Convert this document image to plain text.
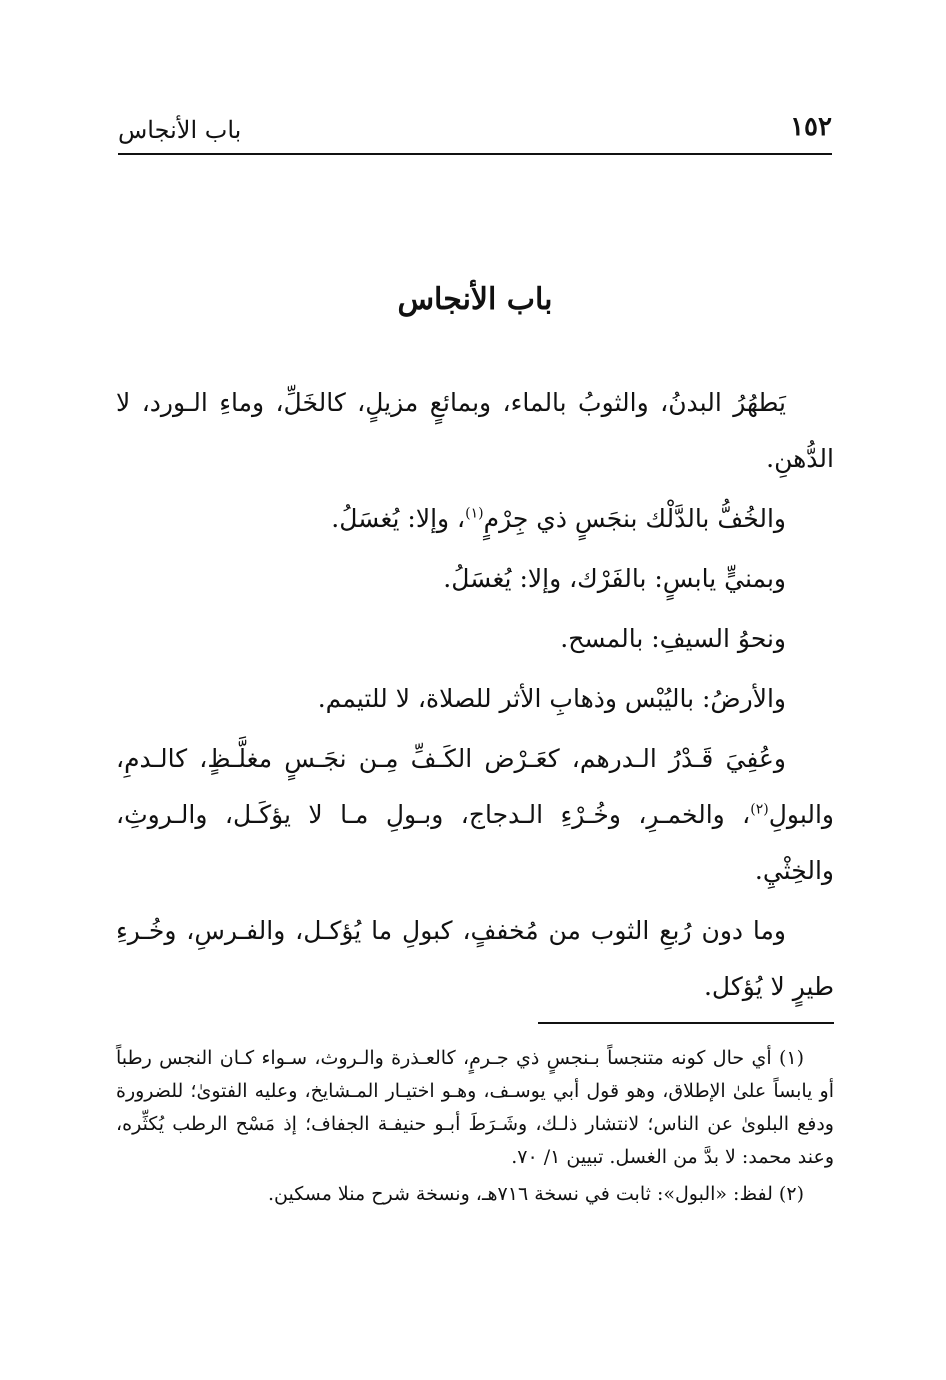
١٥٢
باب الأنجاس
باب الأنجاس

يَطهُرُ البدنُ، والثوبُ بالماء، وبمائعٍ مزيلٍ، كالخَلِّ، وماءِ الـورد، لا الدُّهنِ.

والخُفُّ بالدَّلْك بنجَسٍ ذي جِرْمٍ$^{(١)}$، وإلا: يُغسَلُ.

وبمنيٍّ يابسٍ: بالفَرْك، وإلا: يُغسَلُ.

ونحوُ السيفِ: بالمسح.

والأرضُ: باليُبْس وذهابِ الأثر للصلاة، لا للتيمم.

وعُفِيَ قَـدْرُ الـدرهم، كعَـرْض الكَـفِّ مِـن نجَـسٍ مغلَّـظٍ، كالـدمِ، والبولِ$^{(٢)}$، والخمـرِ، وخُـرْءِ الـدجاج، وبـولِ مـا لا يؤكَـل، والـروثِ، والخِثْيِ.

وما دون رُبعِ الثوب من مُخففٍ، كبولِ ما يُؤكـل، والفـرسِ، وخُـرءِ طيرٍ لا يُؤكل.

(١) أي حال كونه متنجساً بـنجسٍ ذي جـرمٍ، كالعـذرة والـروث، سـواء كـان النجس رطباً أو يابساً علىٰ الإطلاق، وهو قول أبي يوسـف، وهـو اختيـار المـشايخ، وعليه الفتوىٰ؛ للضرورة ودفع البلوىٰ عن الناس؛ لانتشار ذلـك، وشَـرَطَ أبـو حنيفـة الجفاف؛ إذ مَسْح الرطب يُكثِّره، وعند محمد: لا بدَّ من الغسل. تبيين ١/ ٧٠.

(٢) لفظ: «البول»: ثابت في نسخة ٧١٦هـ، ونسخة شرح منلا مسكين.
